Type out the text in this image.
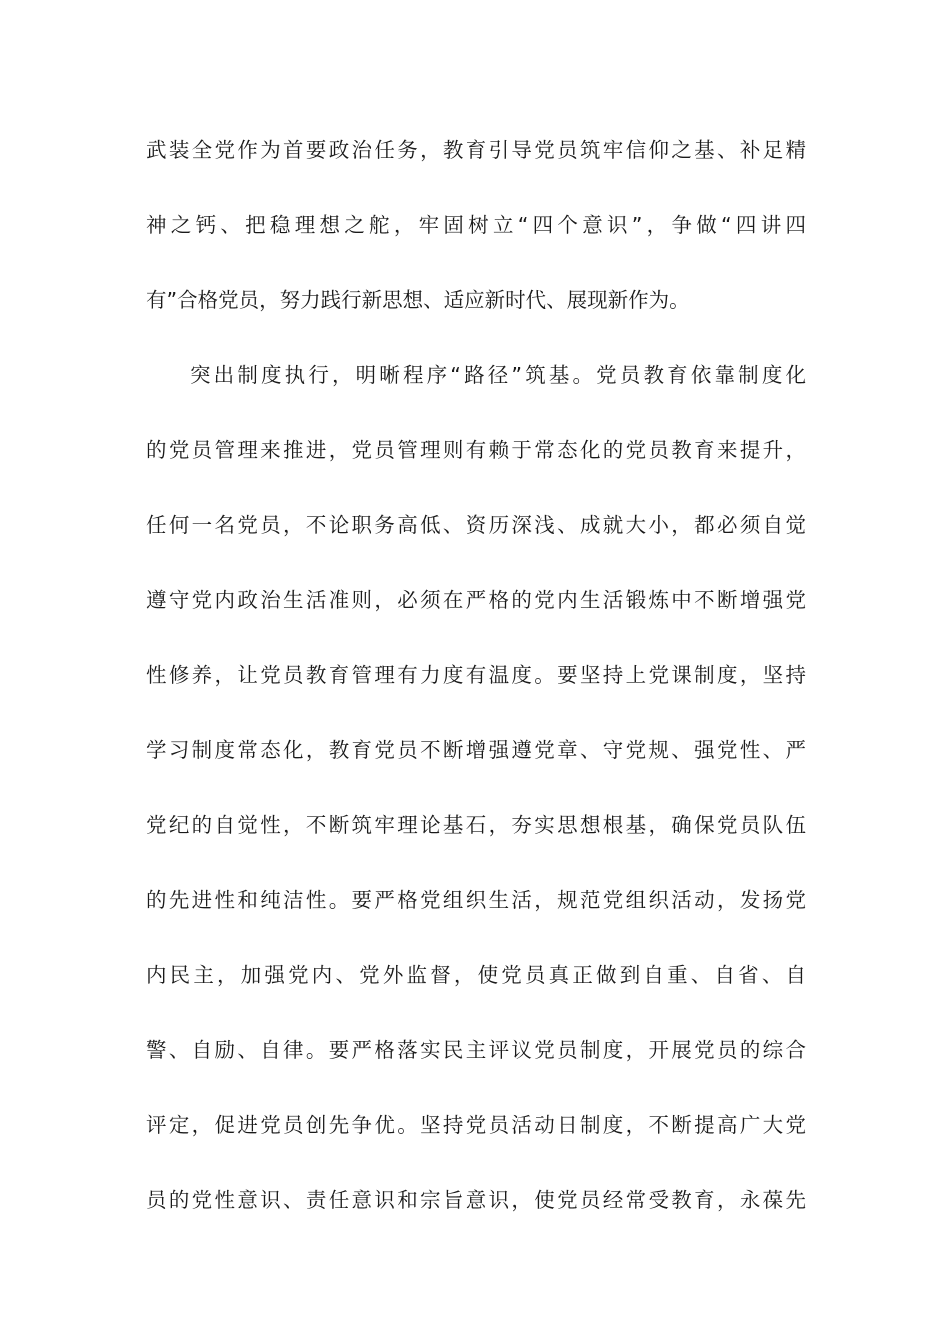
武装全党作为首要政治任务，教育引导党员筑牢信仰之基、补足精
神之钙、把稳理想之舵，牢固树立“四个意识”，争做“四讲四
有”合格党员，努力践行新思想、适应新时代、展现新作为。
突出制度执行，明晰程序“路径”筑基。党员教育依靠制度化
的党员管理来推进，党员管理则有赖于常态化的党员教育来提升，
任何一名党员，不论职务高低、资历深浅、成就大小，都必须自觉
遵守党内政治生活准则，必须在严格的党内生活锻炼中不断增强党
性修养，让党员教育管理有力度有温度。要坚持上党课制度，坚持
学习制度常态化，教育党员不断增强遵党章、守党规、强党性、严
党纪的自觉性，不断筑牢理论基石，夯实思想根基，确保党员队伍
的先进性和纯洁性。要严格党组织生活，规范党组织活动，发扬党
内民主，加强党内、党外监督，使党员真正做到自重、自省、自
警、自励、自律。要严格落实民主评议党员制度，开展党员的综合
评定，促进党员创先争优。坚持党员活动日制度，不断提高广大党
员的党性意识、责任意识和宗旨意识，使党员经常受教育，永葆先
